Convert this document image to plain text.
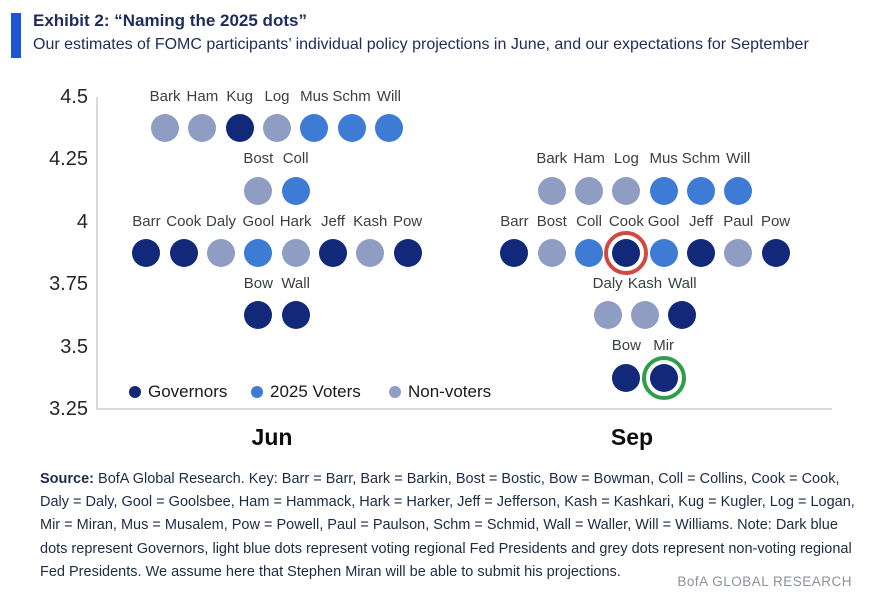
Exhibit 2: “Naming the 2025 dots”

Our estimates of FOMC participants’ individual policy projections in June, and our expectations for September

4.5
4.25
4
3.75
3.5
3.25
Bark Ham Kug Log Mus Schm Will
Bost Coll
Barr Cook Daly Gool Hark Jeff Kash Pow
Bow Wall
Jun
Bark Ham Log Mus Schm Will
Barr Bost Coll Cook Gool Jeff Paul Pow
Daly Kash Wall
Bow Mir
Sep
Governors	2025 Voters	Non-voters

Source: BofA Global Research. Key: Barr = Barr, Bark = Barkin, Bost = Bostic, Bow = Bowman, Coll = Collins, Cook = Cook, Daly = Daly, Gool = Goolsbee, Ham = Hammack, Hark = Harker, Jeff = Jefferson, Kash = Kashkari, Kug = Kugler, Log = Logan, Mir = Miran, Mus = Musalem, Pow = Powell, Paul = Paulson, Schm = Schmid, Wall = Waller, Will = Williams. Note: Dark blue dots represent Governors, light blue dots represent voting regional Fed Presidents and grey dots represent non-voting regional Fed Presidents. We assume here that Stephen Miran will be able to submit his projections.

BofA GLOBAL RESEARCH
